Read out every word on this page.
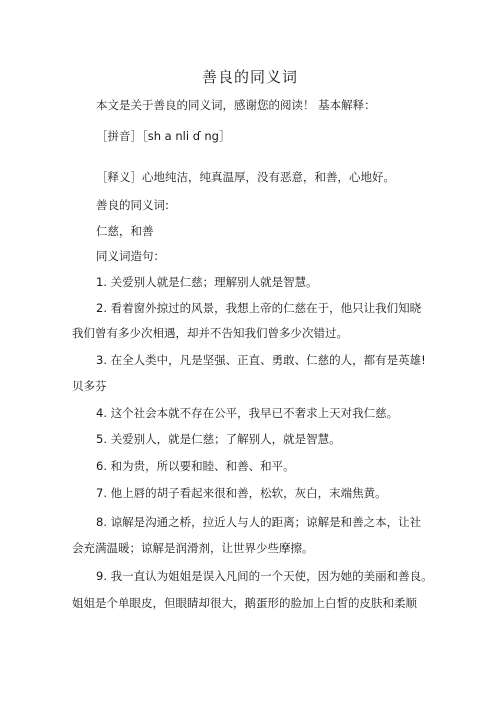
善良的同义词
本文是关于善良的同义词，感谢您的阅读！ 基本解释：
［拼音］［sh a nli ɗ ng］
［释义］心地纯洁，纯真温厚，没有恶意，和善，心地好。
善良的同义词:
仁慈，和善
同义词造句：
1. 关爱别人就是仁慈；理解别人就是智慧。
2. 看着窗外掠过的风景，我想上帝的仁慈在于，他只让我们知晓
我们曾有多少次相遇，却并不告知我们曾多少次错过。
3. 在全人类中，凡是坚强、正直、勇敢、仁慈的人，都有是英雄!
贝多芬
4. 这个社会本就不存在公平，我早已不奢求上天对我仁慈。
5. 关爱别人，就是仁慈；了解别人，就是智慧。
6. 和为贵，所以要和睦、和善、和平。
7. 他上唇的胡子看起来很和善，松软，灰白，末端焦黄。
8. 谅解是沟通之桥，拉近人与人的距离；谅解是和善之本，让社
会充满温暖；谅解是润滑剂，让世界少些摩擦。
9. 我一直认为姐姐是误入凡间的一个天使，因为她的美丽和善良。
姐姐是个单眼皮，但眼睛却很大，鹅蛋形的脸加上白皙的皮肤和柔顺
